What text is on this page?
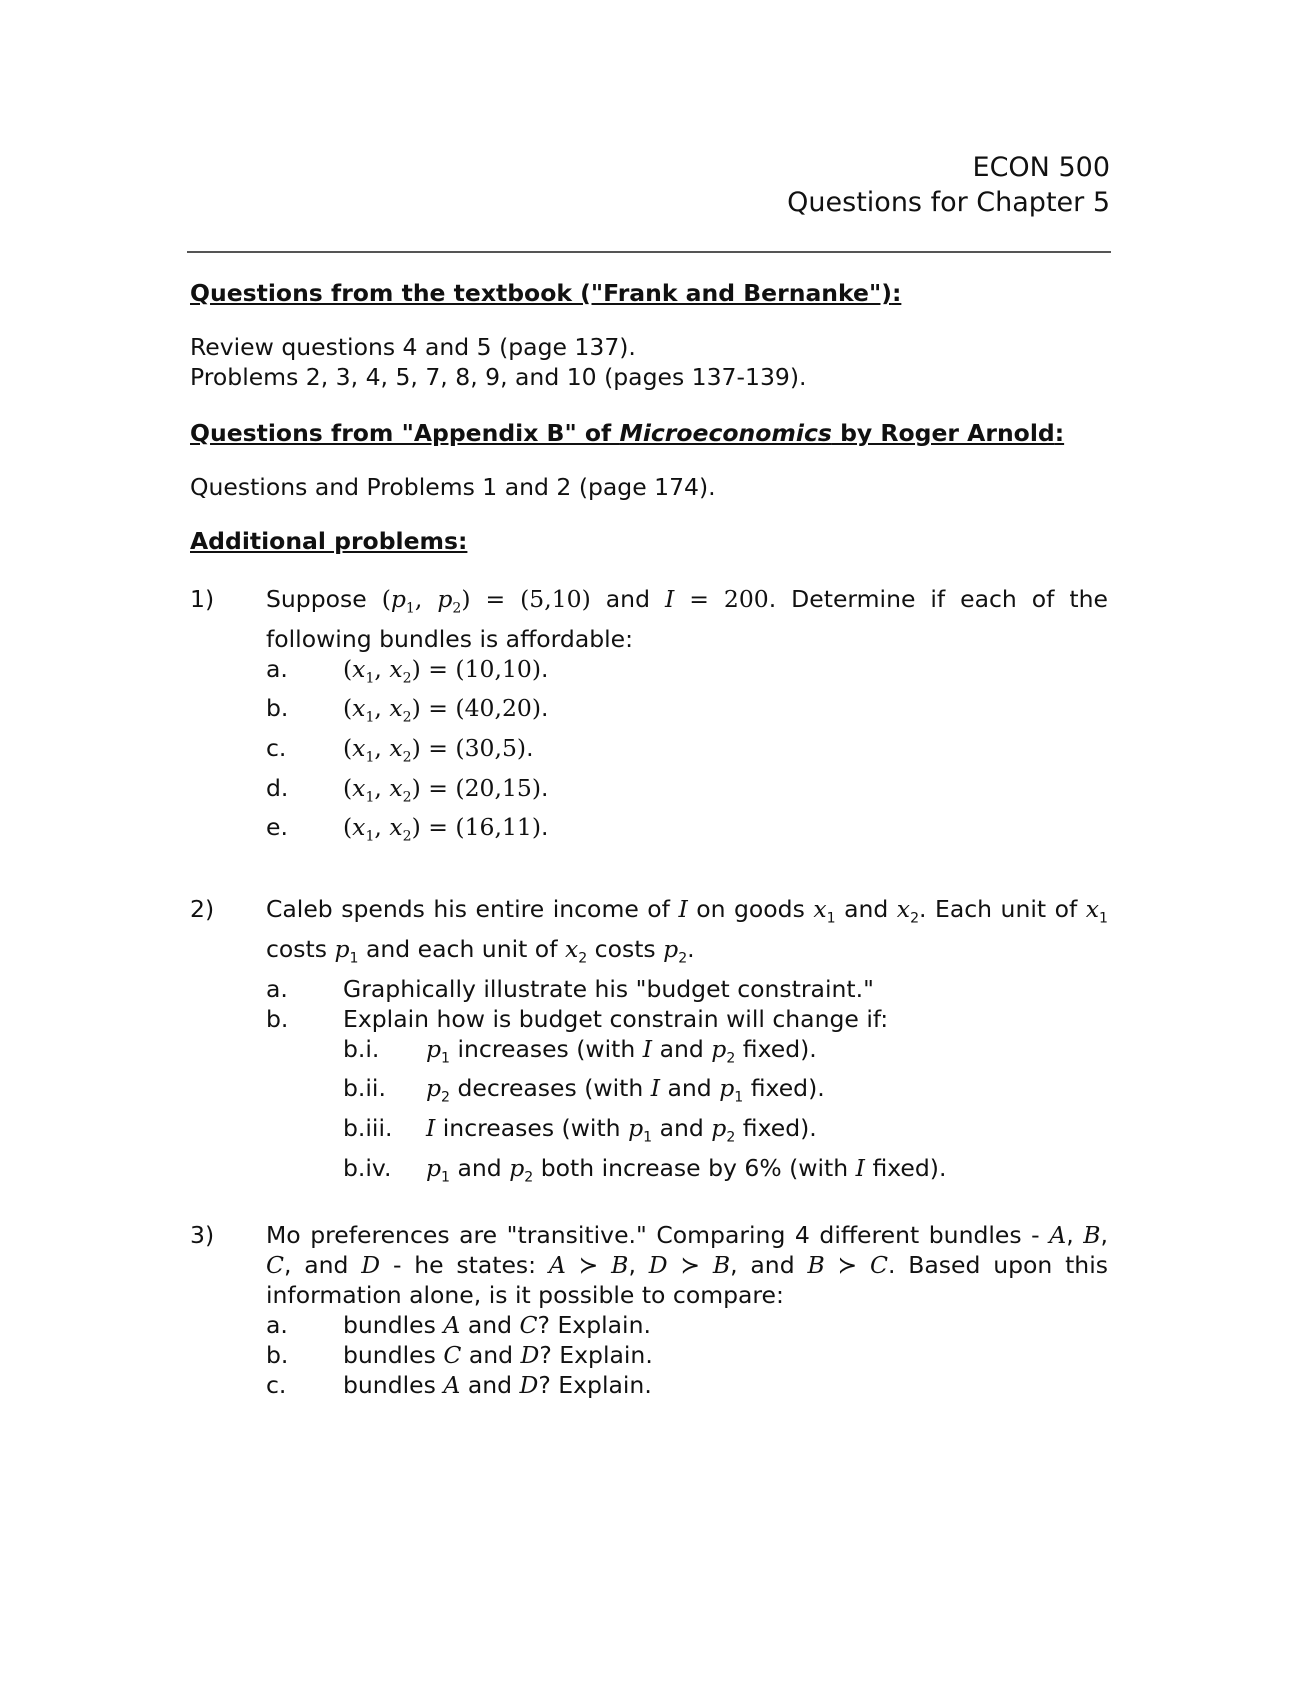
ECON 500
Questions for Chapter 5

Questions from the textbook ("Frank and Bernanke"):

Review questions 4 and 5 (page 137).

Problems 2, 3, 4, 5, 7, 8, 9, and 10 (pages 137-139).

Questions from "Appendix B" of Microeconomics by Roger Arnold:

Questions and Problems 1 and 2 (page 174).

Additional problems:

1) Suppose ($p_1$, $p_2) = (5,10)$ and I = 200. Determine if each of the following bundles is affordable:

a. ($x_1$, $x_2) = (10,10)$.
b. ($x_1$, $x_2) = (40,20)$.
c. ($x_1$, $x_2) = (30,5)$.
d. ($x_1$, $x_2) = (20,15)$.
e. ($x_1$, $x_2) = (16,11)$.
2) Caleb spends his entire income of I on goods $x_1$ and $x_2$. Each unit of $x_1$ costs $p_1$ and each unit of $x_2$ costs $p_2$.

a. Graphically illustrate his "budget constraint."
b. Explain how is budget constrain will change if:
b.i. $p_1$ increases (with I and $p_2$ fixed).
b.ii. $p_2$ decreases (with I and $p_1$ fixed).
b.iii. I increases (with $p_1$ and $p_2$ fixed).
b.iv. $p_1$ and $p_2$ both increase by 6% (with I fixed).
3) Mo preferences are "transitive." Comparing 4 different bundles - A, B, C, and D - he states: A ≻ B, D ≻ B, and B ≻ C. Based upon this information alone, is it possible to compare:

a. bundles A and C? Explain.
b. bundles C and D? Explain.
c. bundles A and D? Explain.
